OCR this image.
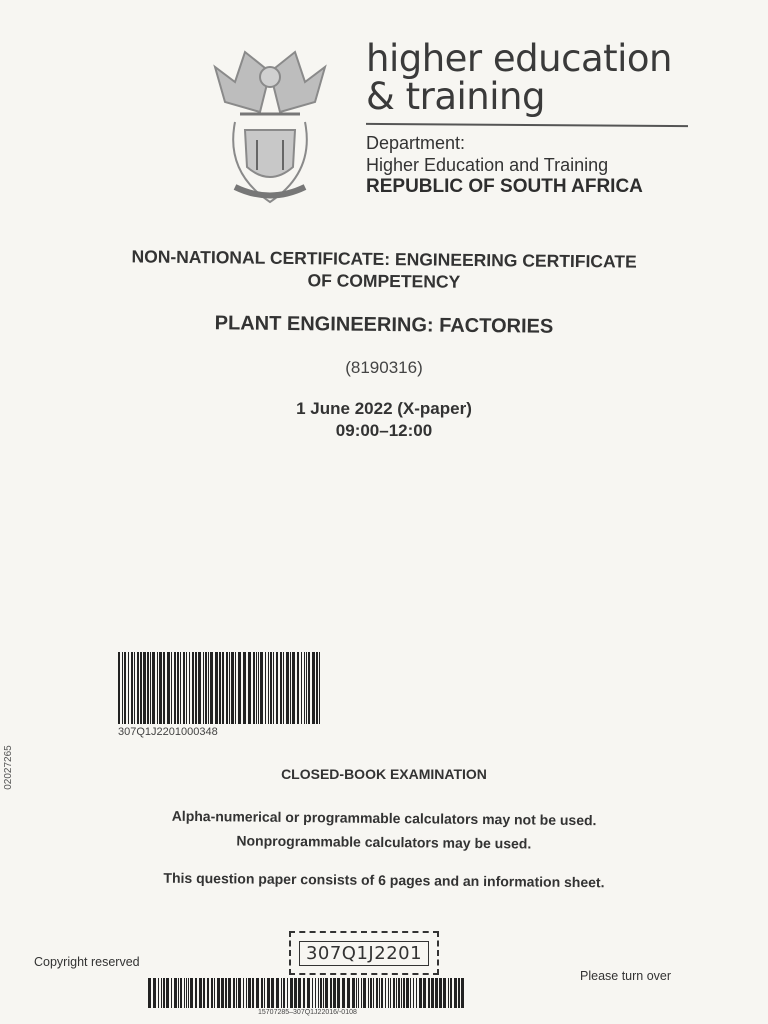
higher education
& training
Department:
Higher Education and Training
REPUBLIC OF SOUTH AFRICA
NON-NATIONAL CERTIFICATE: ENGINEERING CERTIFICATE
OF COMPETENCY
PLANT ENGINEERING: FACTORIES
(8190316)
1 June 2022 (X-paper)
09:00–12:00
307Q1J2201000348
02027265	CLOSED-BOOK EXAMINATION
Alpha-numerical or programmable calculators may not be used.
Nonprogrammable calculators may be used.
This question paper consists of 6 pages and an information sheet.
Copyright reserved	307Q1J2201
Please turn over
15707285–307Q1J22016/-0108
